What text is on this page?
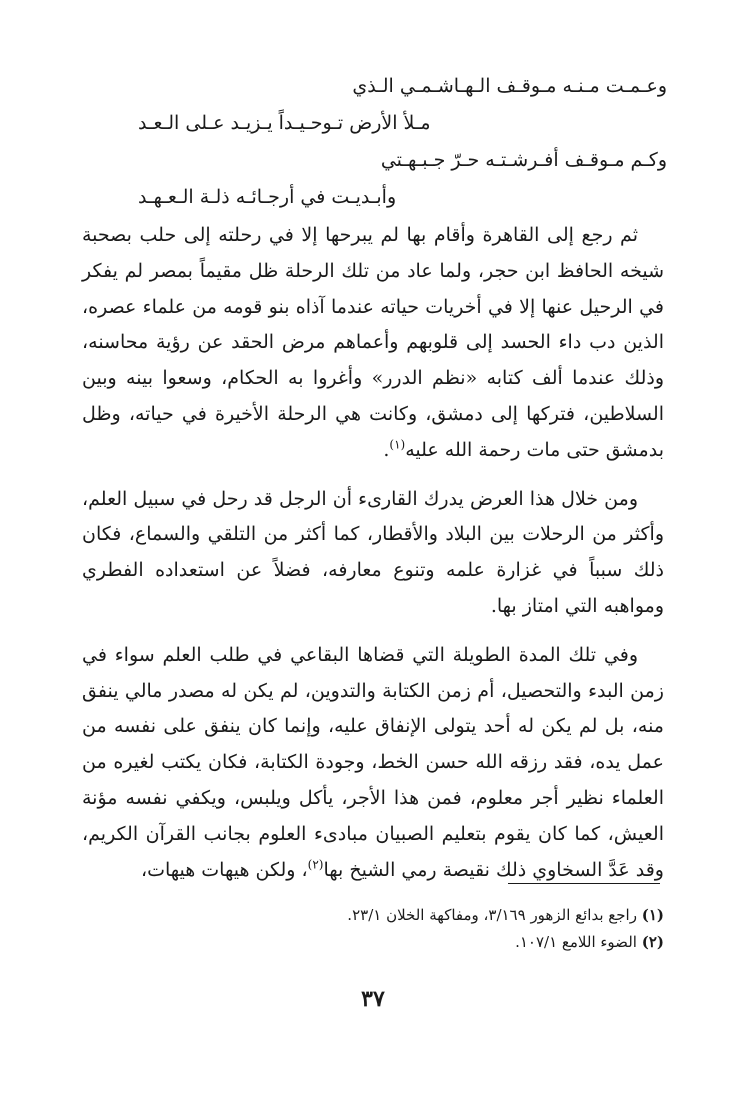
وعـمـت مـنـه مـوقـف الـهـاشـمـي الـذي
مـلأ الأرض تـوحـيـداً يـزيـد عـلى الـعـد
وكـم مـوقـف أفـرشـتـه حـرّ جـبـهـتي
وأبـديـت في أرجـائـه ذلـة الـعـهـد

ثم رجع إلى القاهرة وأقام بها لم يبرحها إلا في رحلته إلى حلب بصحبة شيخه الحافظ ابن حجر، ولما عاد من تلك الرحلة ظل مقيماً بمصر لم يفكر في الرحيل عنها إلا في أخريات حياته عندما آذاه بنو قومه من علماء عصره، الذين دب داء الحسد إلى قلوبهم وأعماهم مرض الحقد عن رؤية محاسنه، وذلك عندما ألف كتابه «نظم الدرر» وأغروا به الحكام، وسعوا بينه وبين السلاطين، فتركها إلى دمشق، وكانت هي الرحلة الأخيرة في حياته، وظل بدمشق حتى مات رحمة الله عليه$^{(١)}$.

ومن خلال هذا العرض يدرك القارىء أن الرجل قد رحل في سبيل العلم، وأكثر من الرحلات بين البلاد والأقطار، كما أكثر من التلقي والسماع، فكان ذلك سبباً في غزارة علمه وتنوع معارفه، فضلاً عن استعداده الفطري ومواهبه التي امتاز بها.

وفي تلك المدة الطويلة التي قضاها البقاعي في طلب العلم سواء في زمن البدء والتحصيل، أم زمن الكتابة والتدوين، لم يكن له مصدر مالي ينفق منه، بل لم يكن له أحد يتولى الإنفاق عليه، وإنما كان ينفق على نفسه من عمل يده، فقد رزقه الله حسن الخط، وجودة الكتابة، فكان يكتب لغيره من العلماء نظير أجر معلوم، فمن هذا الأجر، يأكل ويلبس، ويكفي نفسه مؤنة العيش، كما كان يقوم بتعليم الصبيان مبادىء العلوم بجانب القرآن الكريم، وقد عَدَّ السخاوي ذلك نقيصة رمي الشيخ بها$^{(٢)}$، ولكن هيهات هيهات،

(١) راجع بدائع الزهور ٣/١٦٩، ومفاكهة الخلان ٢٣/١.

(٢) الضوء اللامع ١٠٧/١.

٣٧
